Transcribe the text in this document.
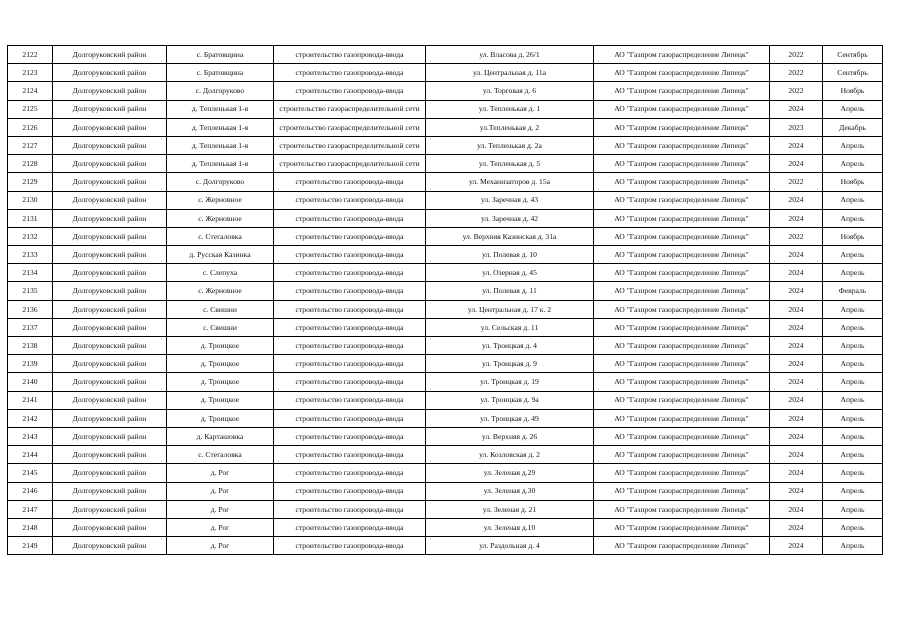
2122	Долгоруковский район	с. Братовщина	строительство газопровода-ввода	ул. Власова д. 26/1	АО "Газпром газораспределение Липецк"	2022	Сентябрь
2123	Долгоруковский район	с. Братовщина	строительство газопровода-ввода	ул. Центральная д. 11а	АО "Газпром газораспределение Липецк"	2022	Сентябрь
2124	Долгоруковский район	с. Долгоруково	строительство газопровода-ввода	ул. Торговая д. 6	АО "Газпром газораспределение Липецк"	2022	Ноябрь
2125	Долгоруковский район	д. Тепленькая 1-я	строительство газораспределительной сети	ул. Тепленькая д. 1	АО "Газпром газораспределение Липецк"	2024	Апрель
2126	Долгоруковский район	д. Тепленькая 1-я	строительство газораспределительной сети	ул.Тепленькая д. 2	АО "Газпром газораспределение Липецк"	2023	Декабрь
2127	Долгоруковский район	д. Тепленькая 1-я	строительство газораспределительной сети	ул. Тепленькая д. 2а	АО "Газпром газораспределение Липецк"	2024	Апрель
2128	Долгоруковский район	д. Тепленькая 1-я	строительство газораспределительной сети	ул. Тепленькая д. 5	АО "Газпром газораспределение Липецк"	2024	Апрель
2129	Долгоруковский район	с. Долгоруково	строительство газопровода-ввода	ул. Механизаторов д. 15а	АО "Газпром газораспределение Липецк"	2022	Ноябрь
2130	Долгоруковский район	с. Жерновное	строительство газопровода-ввода	ул. Заречная д. 43	АО "Газпром газораспределение Липецк"	2024	Апрель
2131	Долгоруковский район	с. Жерновное	строительство газопровода-ввода	ул. Заречная д. 42	АО "Газпром газораспределение Липецк"	2024	Апрель
2132	Долгоруковский район	с. Стегаловка	строительство газопровода-ввода	ул. Верхняя Казинская д. 31а	АО "Газпром газораспределение Липецк"	2022	Ноябрь
2133	Долгоруковский район	д. Русская Казинка	строительство газопровода-ввода	ул. Полевая д. 10	АО "Газпром газораспределение Липецк"	2024	Апрель
2134	Долгоруковский район	с. Слепуха	строительство газопровода-ввода	ул. Озерная д. 45	АО "Газпром газораспределение Липецк"	2024	Апрель
2135	Долгоруковский район	с. Жерновное	строительство газопровода-ввода	ул. Полевая д. 11	АО "Газпром газораспределение Липецк"	2024	Февраль
2136	Долгоруковский район	с. Свишни	строительство газопровода-ввода	ул. Центральная д. 17 к. 2	АО "Газпром газораспределение Липецк"	2024	Апрель
2137	Долгоруковский район	с. Свишни	строительство газопровода-ввода	ул. Сельская д. 11	АО "Газпром газораспределение Липецк"	2024	Апрель
2138	Долгоруковский район	д. Троицкое	строительство газопровода-ввода	ул. Троицкая д. 4	АО "Газпром газораспределение Липецк"	2024	Апрель
2139	Долгоруковский район	д. Троицкое	строительство газопровода-ввода	ул. Троицкая д. 9	АО "Газпром газораспределение Липецк"	2024	Апрель
2140	Долгоруковский район	д. Троицкое	строительство газопровода-ввода	ул. Троицкая д. 19	АО "Газпром газораспределение Липецк"	2024	Апрель
2141	Долгоруковский район	д. Троицкое	строительство газопровода-ввода	ул. Троицкая д. 9а	АО "Газпром газораспределение Липецк"	2024	Апрель
2142	Долгоруковский район	д. Троицкое	строительство газопровода-ввода	ул. Троицкая д. 49	АО "Газпром газораспределение Липецк"	2024	Апрель
2143	Долгоруковский район	д. Карташовка	строительство газопровода-ввода	ул. Верхняя д. 26	АО "Газпром газораспределение Липецк"	2024	Апрель
2144	Долгоруковский район	с. Стегаловка	строительство газопровода-ввода	ул. Козловская д. 2	АО "Газпром газораспределение Липецк"	2024	Апрель
2145	Долгоруковский район	д. Рог	строительство газопровода-ввода	ул. Зеленая д.29	АО "Газпром газораспределение Липецк"	2024	Апрель
2146	Долгоруковский район	д. Рог	строительство газопровода-ввода	ул. Зеленая д.30	АО "Газпром газораспределение Липецк"	2024	Апрель
2147	Долгоруковский район	д. Рог	строительство газопровода-ввода	ул. Зеленая д. 21	АО "Газпром газораспределение Липецк"	2024	Апрель
2148	Долгоруковский район	д. Рог	строительство газопровода-ввода	ул. Зеленая д.10	АО "Газпром газораспределение Липецк"	2024	Апрель
2149	Долгоруковский район	д. Рог	строительство газопровода-ввода	ул. Раздольная д. 4	АО "Газпром газораспределение Липецк"	2024	Апрель
